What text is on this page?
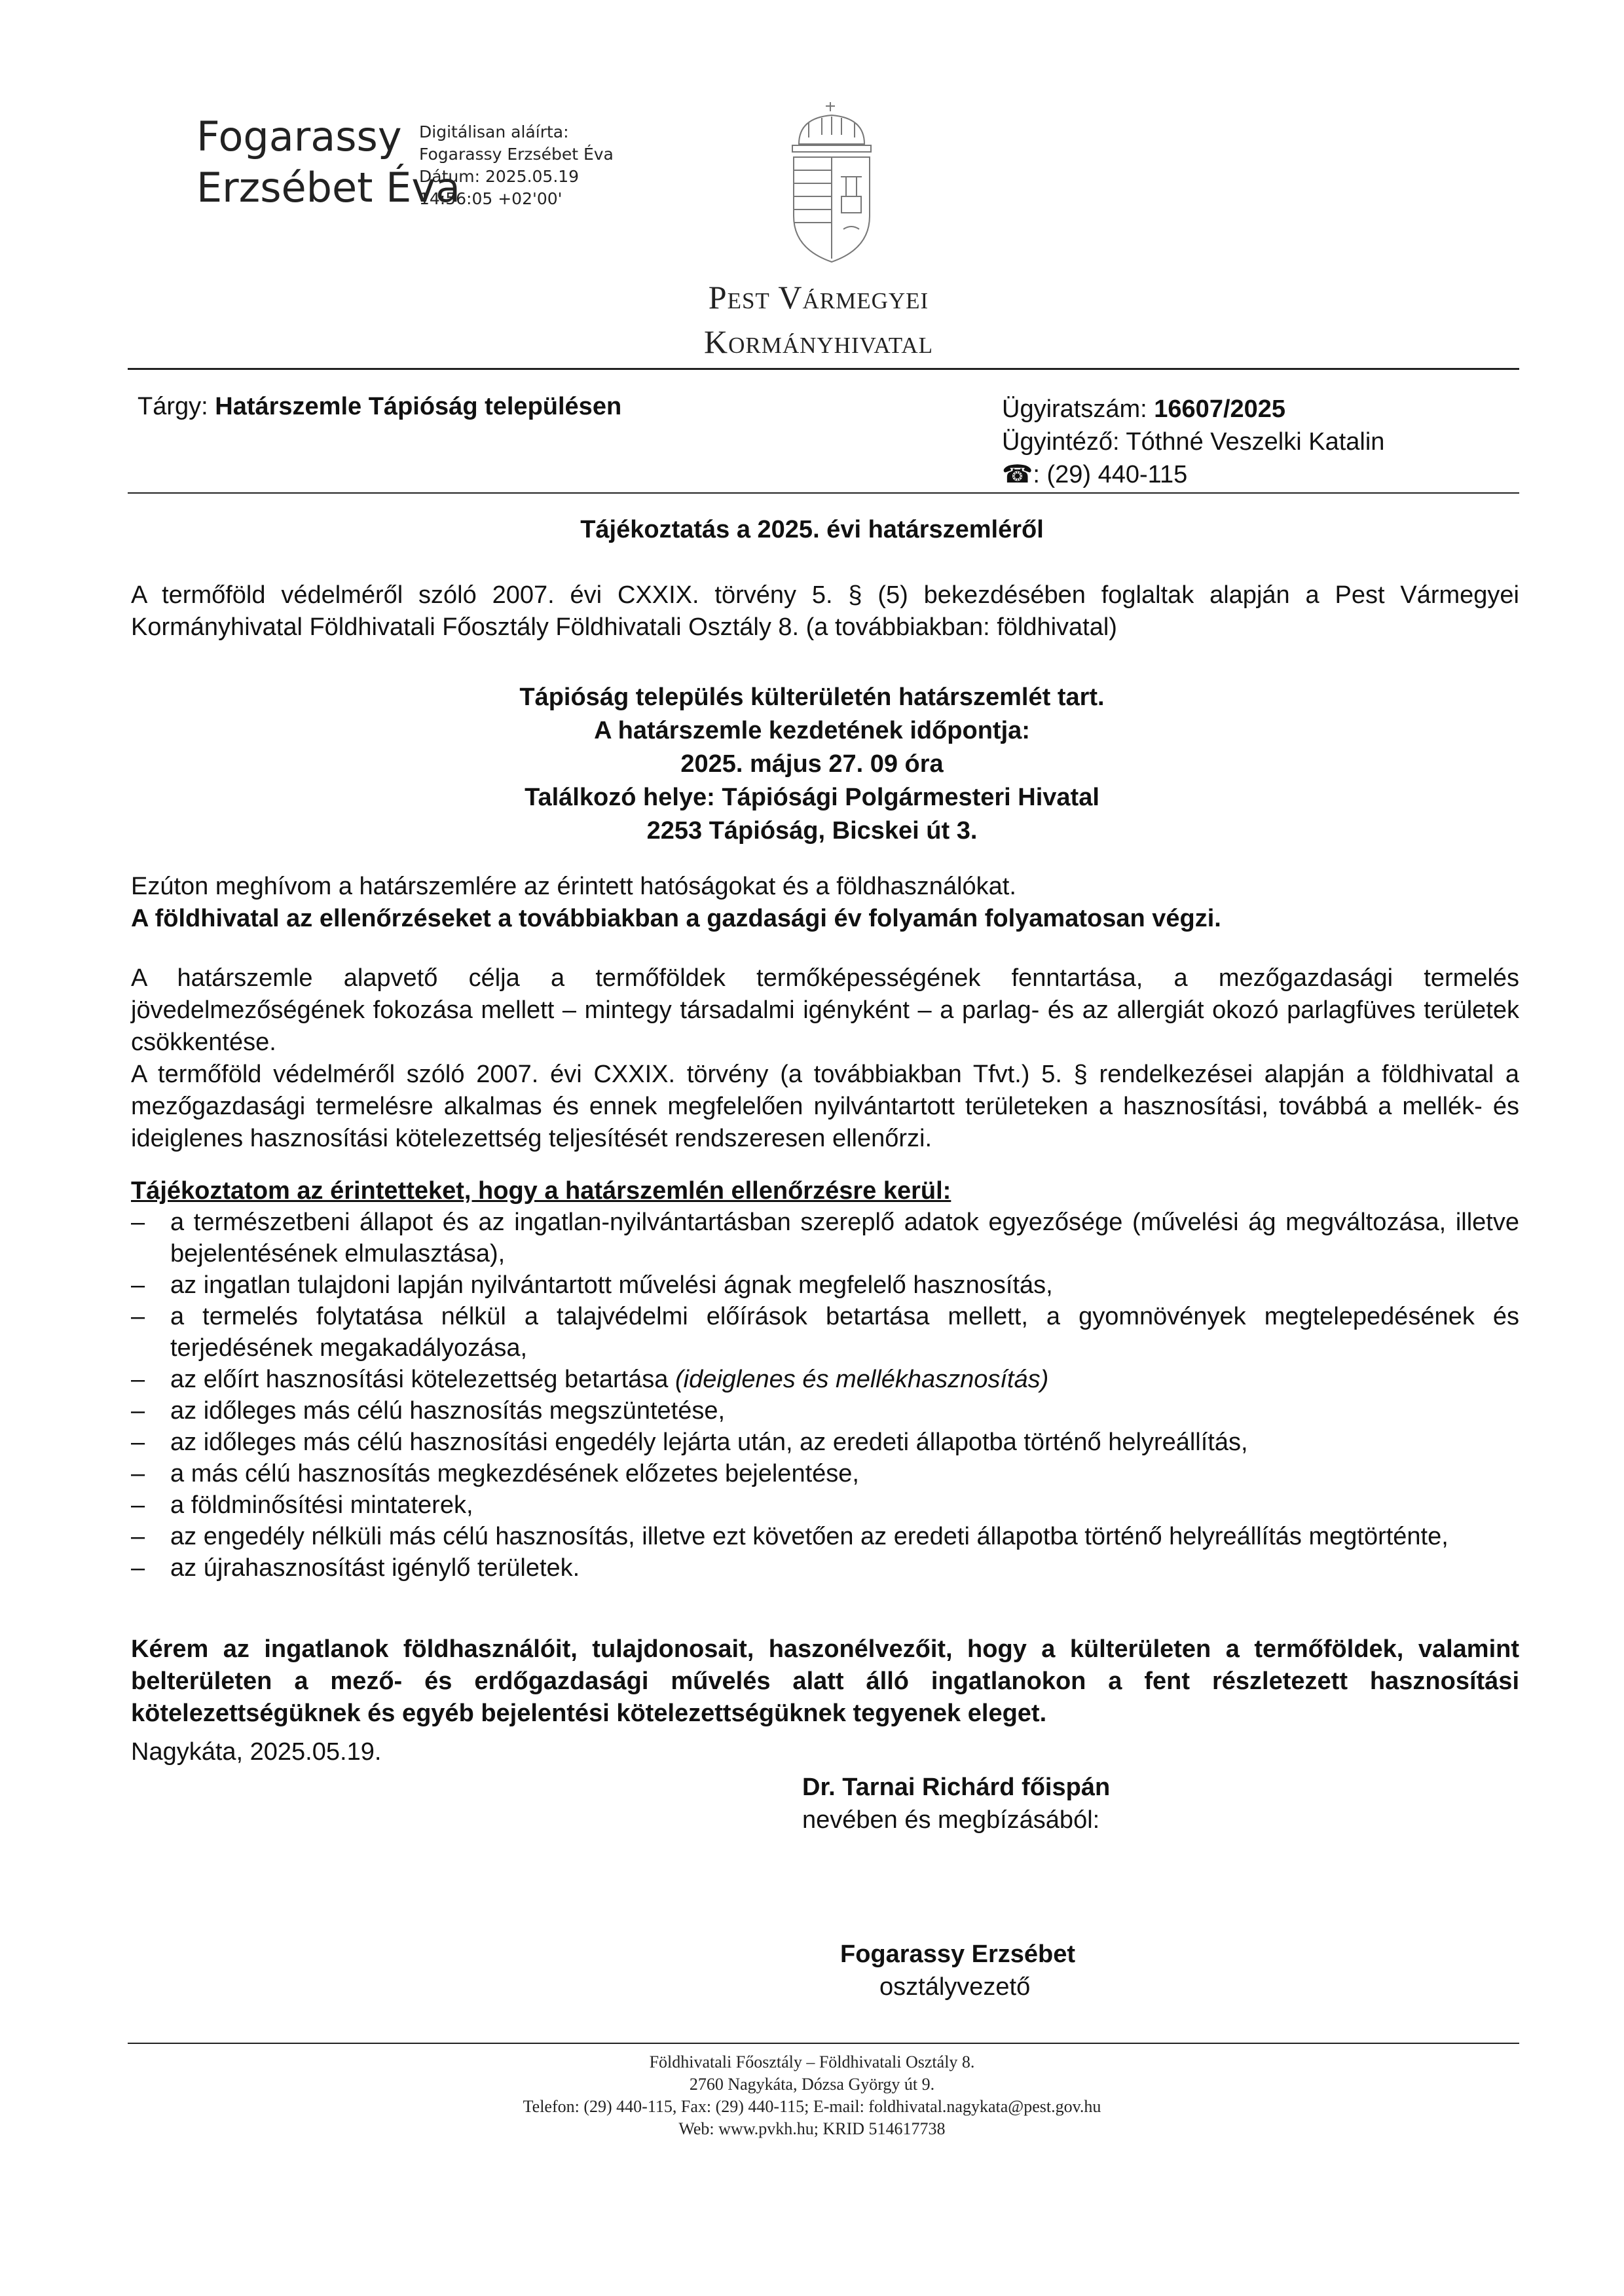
Fogarassy
Erzsébet Éva
Digitálisan aláírta:
Fogarassy Erzsébet Éva
Dátum: 2025.05.19
14:56:05 +02'00'
Pest Vármegyei
Kormányhivatal
Tárgy: Határszemle Tápióság településen	Ügyiratszám: 16607/2025
Ügyintéző: Tóthné Veszelki Katalin
☎: (29) 440-115
Tájékoztatás a 2025. évi határszemléről
A termőföld védelméről szóló 2007. évi CXXIX. törvény 5. § (5) bekezdésében foglaltak alapján a Pest Vármegyei Kormányhivatal Földhivatali Főosztály Földhivatali Osztály 8. (a továbbiakban: földhivatal)
Tápióság település külterületén határszemlét tart.
A határszemle kezdetének időpontja:
2025. május 27. 09 óra
Találkozó helye: Tápiósági Polgármesteri Hivatal
2253 Tápióság, Bicskei út 3.

Ezúton meghívom a határszemlére az érintett hatóságokat és a földhasználókat.

A földhivatal az ellenőrzéseket a továbbiakban a gazdasági év folyamán folyamatosan végzi.

A határszemle alapvető célja a termőföldek termőképességének fenntartása, a mezőgazdasági termelés jövedelmezőségének fokozása mellett – mintegy társadalmi igényként – a parlag- és az allergiát okozó parlagfüves területek csökkentése.

A termőföld védelméről szóló 2007. évi CXXIX. törvény (a továbbiakban Tfvt.) 5. § rendelkezései alapján a földhivatal a mezőgazdasági termelésre alkalmas és ennek megfelelően nyilvántartott területeken a hasznosítási, továbbá a mellék- és ideiglenes hasznosítási kötelezettség teljesítését rendszeresen ellenőrzi.

Tájékoztatom az érintetteket, hogy a határszemlén ellenőrzésre kerül:
– a természetbeni állapot és az ingatlan-nyilvántartásban szereplő adatok egyezősége (művelési ág megváltozása, illetve bejelentésének elmulasztása),
– az ingatlan tulajdoni lapján nyilvántartott művelési ágnak megfelelő hasznosítás,
– a termelés folytatása nélkül a talajvédelmi előírások betartása mellett, a gyomnövények megtelepedésének és terjedésének megakadályozása,
– az előírt hasznosítási kötelezettség betartása (ideiglenes és mellékhasznosítás)
– az időleges más célú hasznosítás megszüntetése,
– az időleges más célú hasznosítási engedély lejárta után, az eredeti állapotba történő helyreállítás,
– a más célú hasznosítás megkezdésének előzetes bejelentése,
– a földminősítési mintaterek,
– az engedély nélküli más célú hasznosítás, illetve ezt követően az eredeti állapotba történő helyreállítás megtörténte,
– az újrahasznosítást igénylő területek.
Kérem az ingatlanok földhasználóit, tulajdonosait, haszonélvezőit, hogy a külterületen a termőföldek, valamint belterületen a mező- és erdőgazdasági művelés alatt álló ingatlanokon a fent részletezett hasznosítási kötelezettségüknek és egyéb bejelentési kötelezettségüknek tegyenek eleget.
Nagykáta, 2025.05.19.
Dr. Tarnai Richárd főispán
nevében és megbízásából:
Fogarassy Erzsébet
osztályvezető
Földhivatali Főosztály – Földhivatali Osztály 8.
2760 Nagykáta, Dózsa György út 9.
Telefon: (29) 440-115, Fax: (29) 440-115; E-mail: foldhivatal.nagykata@pest.gov.hu
Web: www.pvkh.hu; KRID 514617738
